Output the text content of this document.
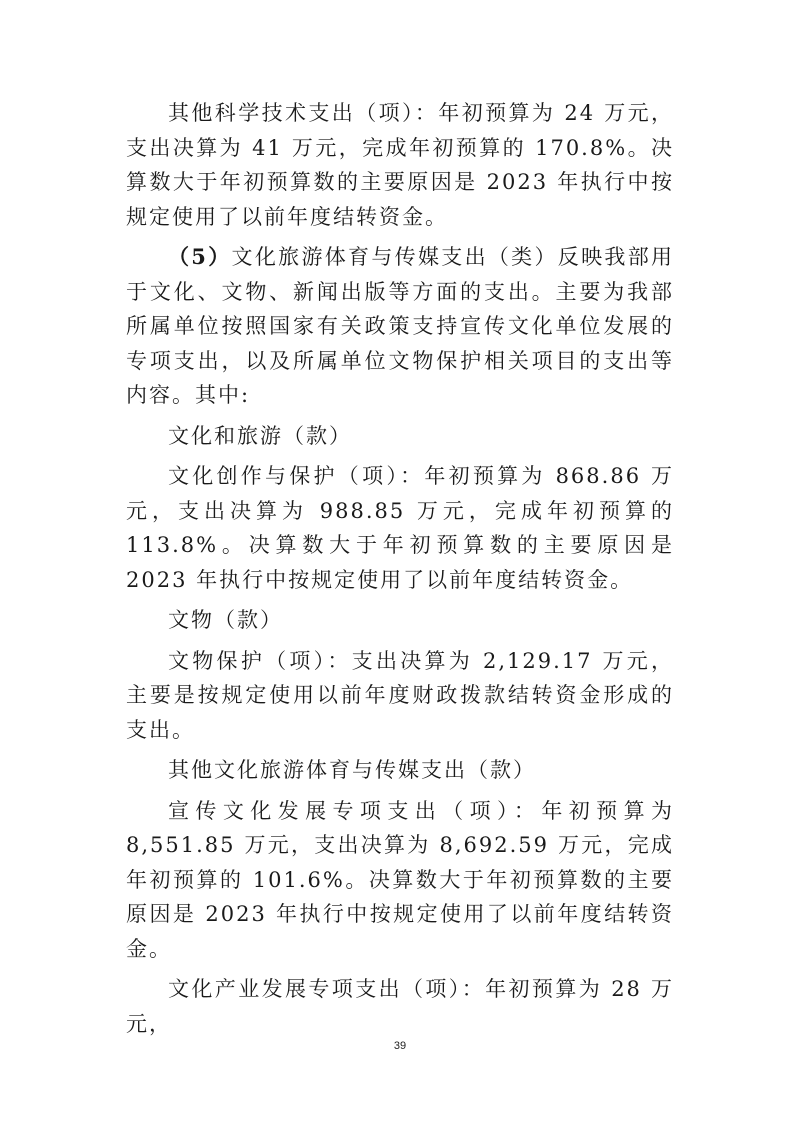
其他科学技术支出（项）：年初预算为 24 万元，支出决算为 41 万元，完成年初预算的 170.8%。决算数大于年初预算数的主要原因是 2023 年执行中按规定使用了以前年度结转资金。

（5）文化旅游体育与传媒支出（类）反映我部用于文化、文物、新闻出版等方面的支出。主要为我部所属单位按照国家有关政策支持宣传文化单位发展的专项支出，以及所属单位文物保护相关项目的支出等内容。其中:

文化和旅游（款）

文化创作与保护（项）：年初预算为 868.86 万元，支出决算为 988.85 万元，完成年初预算的 113.8%。决算数大于年初预算数的主要原因是 2023 年执行中按规定使用了以前年度结转资金。

文物（款）

文物保护（项）：支出决算为 2,129.17 万元，主要是按规定使用以前年度财政拨款结转资金形成的支出。

其他文化旅游体育与传媒支出（款）

宣传文化发展专项支出（项）：年初预算为 8,551.85 万元，支出决算为 8,692.59 万元，完成年初预算的 101.6%。决算数大于年初预算数的主要原因是 2023 年执行中按规定使用了以前年度结转资金。

文化产业发展专项支出（项）：年初预算为 28 万元，

39
